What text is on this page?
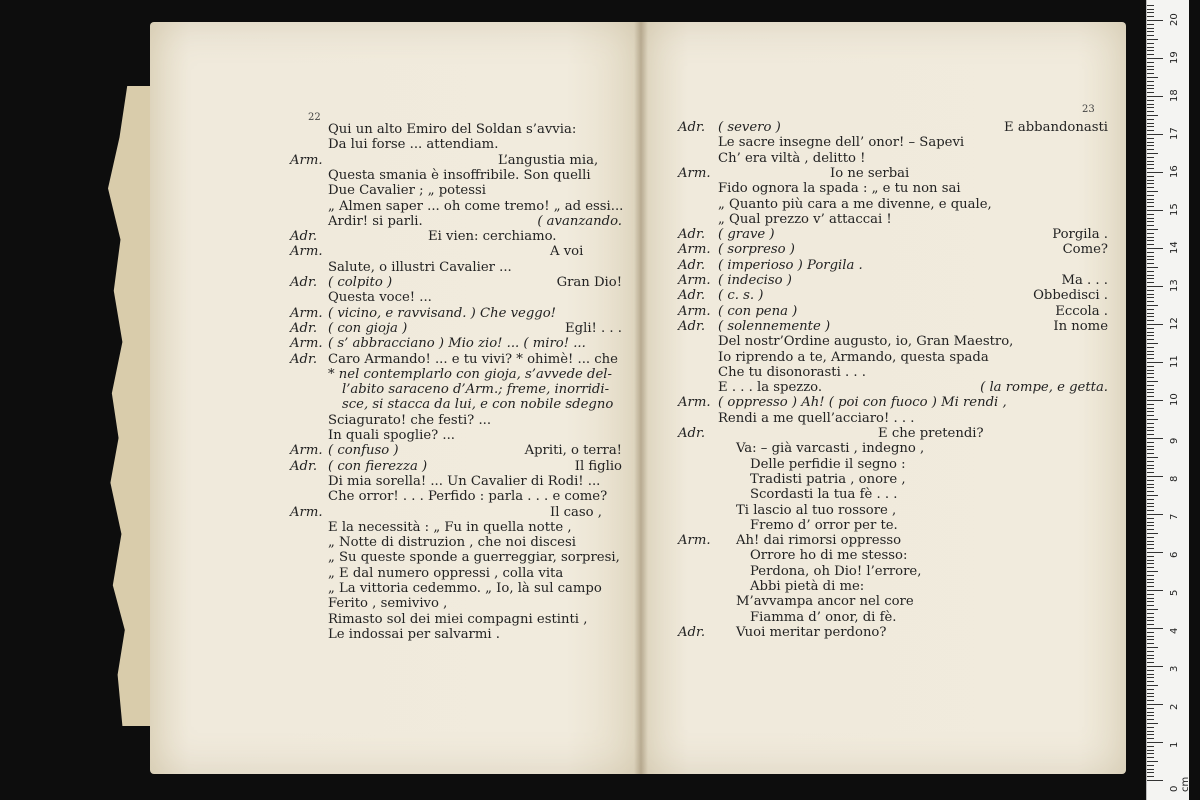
22
Qui un alto Emiro del Soldan s’avvia:
Da lui forse ... attendiam.
Arm.	L’angustia mia,
Questa smania è insoffribile. Son quelli
Due Cavalier ; „ potessi
„ Almen saper ... oh come tremo! „ ad essi...
Ardir! si parli.	( avanzando.
Adr.	Ei vien: cerchiamo.
Arm.	A voi
Salute, o illustri Cavalier ...
Adr. ( colpito )	Gran Dio!
Questa voce! ...
Arm. ( vicino, e ravvisand. ) Che veggo!
Adr. ( con gioja )	Egli! . . .
Arm. ( s’ abbracciano ) Mio zio! ... ( miro! ...
Adr. Caro Armando! ... e tu vivi? * ohimè! ... che
* nel contemplarlo con gioja, s’avvede del-
l’abito saraceno d’Arm.; freme, inorridi-
sce, si stacca da lui, e con nobile sdegno
Sciagurato! che festi? ...
In quali spoglie? ...
Arm. ( confuso )	Apriti, o terra!
Adr. ( con fierezza )	Il figlio
Di mia sorella! ... Un Cavalier di Rodi! ...
Che orror! . . . Perfido : parla . . . e come?
Arm.	Il caso ,
E la necessità : „ Fu in quella notte ,
„ Notte di distruzion , che noi discesi
„ Su queste sponde a guerreggiar, sorpresi,
„ E dal numero oppressi , colla vita
„ La vittoria cedemmo. „ Io, là sul campo
Ferito , semivivo ,
Rimasto sol dei miei compagni estinti ,
Le indossai per salvarmi .
23
Adr. ( severo )	E abbandonasti
Le sacre insegne dell’ onor! – Sapevi
Ch’ era viltà , delitto !
Arm.	Io ne serbai
Fido ognora la spada : „ e tu non sai
„ Quanto più cara a me divenne, e quale,
„ Qual prezzo v’ attaccai !
Adr. ( grave )	Porgila .
Arm. ( sorpreso )	Come?
Adr. ( imperioso ) Porgila .
Arm. ( indeciso )	Ma . . .
Adr. ( c. s. )	Obbedisci .
Arm. ( con pena )	Eccola .
Adr. ( solennemente )	In nome
Del nostr’Ordine augusto, io, Gran Maestro,
Io riprendo a te, Armando, questa spada
Che tu disonorasti . . .
E . . . la spezzo.	( la rompe, e getta.
Arm. ( oppresso ) Ah! ( poi con fuoco ) Mi rendi ,
Rendi a me quell’acciaro! . . .
Adr.	E che pretendi?
Va: – già varcasti , indegno ,
Delle perfidie il segno :
Tradisti patria , onore ,
Scordasti la tua fè . . .
Ti lascio al tuo rossore ,
Fremo d’ orror per te.
Arm. Ah! dai rimorsi oppresso
Orrore ho di me stesso:
Perdona, oh Dio! l’errore,
Abbi pietà di me:
M’avvampa ancor nel core
Fiamma d’ onor, di fè.
Adr. Vuoi meritar perdono?
0 cm
1
2
3
4
5
6
7
8
9
10
11
12
13
14
15
16
17
18
19
20
